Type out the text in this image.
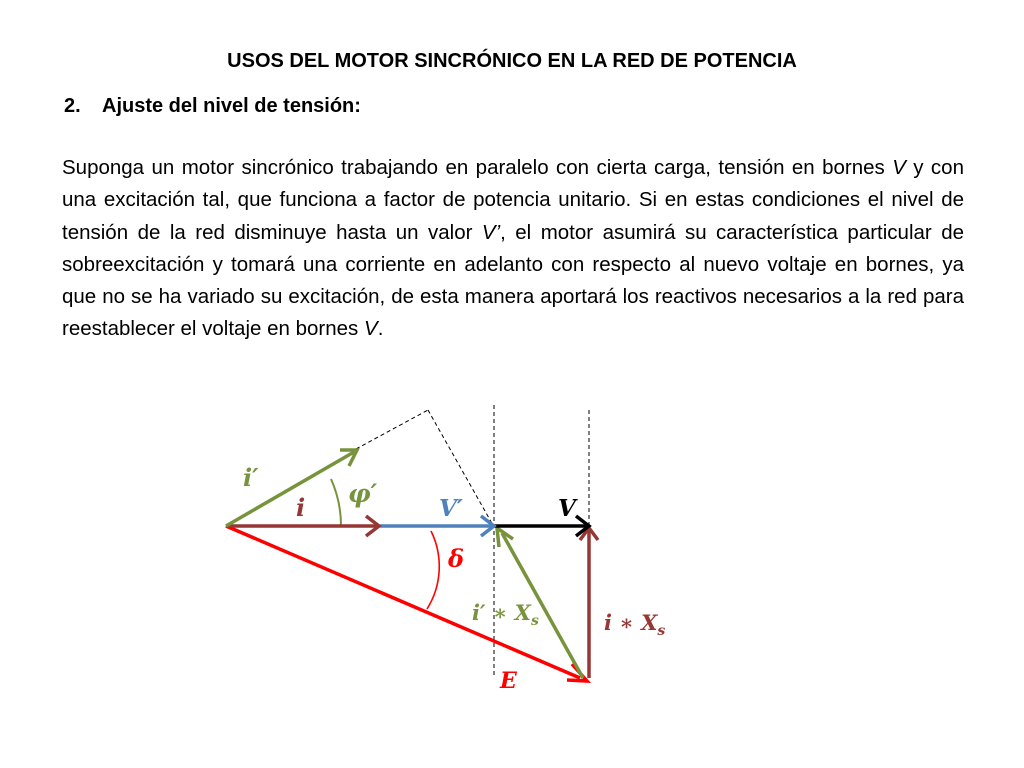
USOS DEL MOTOR SINCRÓNICO EN LA RED DE POTENCIA
2. Ajuste del nivel de tensión:
Suponga un motor sincrónico trabajando en paralelo con cierta carga, tensión en bornes V y con una excitación tal, que funciona a factor de potencia unitario. Si en estas condiciones el nivel de tensión de la red disminuye hasta un valor V’, el motor asumirá su característica particular de sobreexcitación y tomará una corriente en adelanto con respecto al nuevo voltaje en bornes, ya que no se ha variado su excitación, de esta manera aportará los reactivos necesarios a la red para reestablecer el voltaje en bornes V.
i′
φ′
i	V′	V
δ
i′ ∗ $X_s$	i ∗ $X_s$
E
